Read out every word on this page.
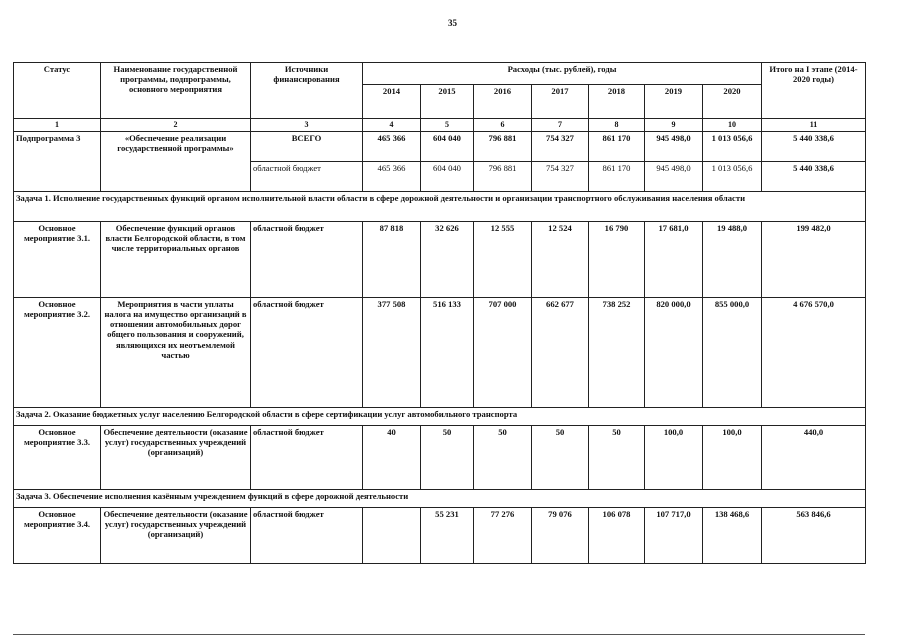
35
Статус	Наименование государственной программы, подпрограммы, основного мероприятия	Источники финансирования	Расходы (тыс. рублей), годы							Итого на I этапе (2014-2020 годы)
			2014	2015	2016	2017	2018	2019	2020	
1	2	3	4	5	6	7	8	9	10	11
Подпрограмма 3	«Обеспечение реализации государственной программы»	ВСЕГО	465 366	604 040	796 881	754 327	861 170	945 498,0	1 013 056,6	5 440 338,6
		областной бюджет	465 366	604 040	796 881	754 327	861 170	945 498,0	1 013 056,6	5 440 338,6
Задача 1. Исполнение государственных функций органом исполнительной власти области в сфере дорожной деятельности и организации транспортного обслуживания населения области										
Основное мероприятие 3.1.	Обеспечение функций органов власти Белгородской области, в том числе территориальных органов	областной бюджет	87 818	32 626	12 555	12 524	16 790	17 681,0	19 488,0	199 482,0
Основное мероприятие 3.2.	Мероприятия в части уплаты налога на имущество организаций в отношении автомобильных дорог общего пользования и сооружений, являющихся их неотъемлемой частью	областной бюджет	377 508	516 133	707 000	662 677	738 252	820 000,0	855 000,0	4 676 570,0
Задача 2. Оказание бюджетных услуг населению Белгородской области в сфере сертификации услуг автомобильного транспорта										
Основное мероприятие 3.3.	Обеспечение деятельности (оказание услуг) государственных учреждений (организаций)	областной бюджет	40	50	50	50	50	100,0	100,0	440,0
Задача 3. Обеспечение исполнения казённым учреждением функций в сфере дорожной деятельности										
Основное мероприятие 3.4.	Обеспечение деятельности (оказание услуг) государственных учреждений (организаций)	областной бюджет		55 231	77 276	79 076	106 078	107 717,0	138 468,6	563 846,6
